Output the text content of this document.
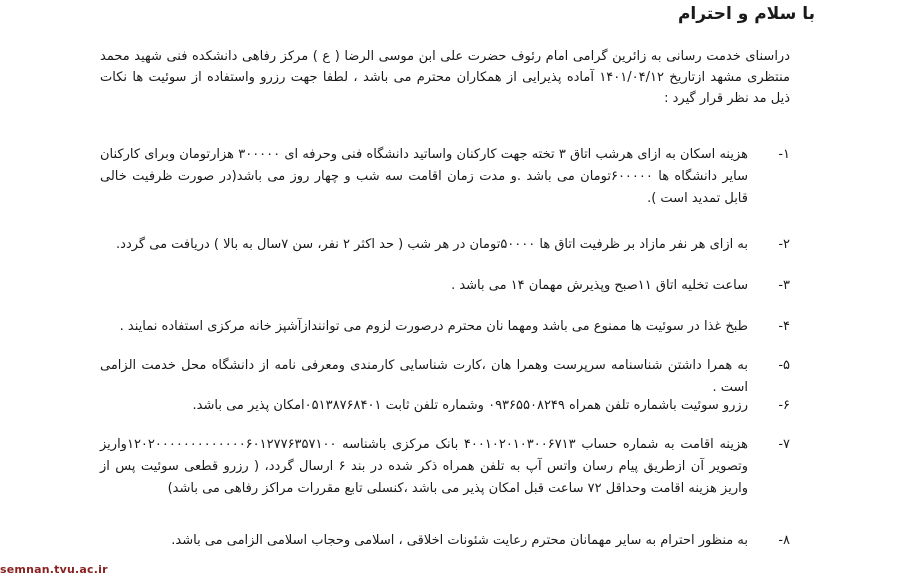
با سلام و احترام

دراسنای خدمت رسانی به زائرین گرامی امام رئوف حضرت علی ابن موسی الرضا ( ع ) مرکز رفاهی دانشکده فنی شهید محمد منتظری مشهد ازتاریخ ۱۴۰۱/۰۴/۱۲ آماده پذیرایی از همکاران محترم می باشد ، لطفا جهت رزرو واستفاده از سوئیت ها نکات ذیل مد نظر قرار گیرد :

۱-
هزینه اسکان به ازای هرشب اتاق ۳ تخته جهت کارکنان واساتید دانشگاه فنی وحرفه ای ۳۰۰۰۰۰ هزارتومان وبرای کارکنان سایر دانشگاه ها ۶۰۰۰۰۰تومان می باشد .و مدت زمان اقامت سه شب و چهار روز می باشد(در صورت ظرفیت خالی قابل تمدید است ).
۲-
به ازای هر نفر مازاد بر ظرفیت اتاق ها ۵۰۰۰۰تومان در هر شب ( حد اکثر ۲ نفر، سن ۷سال به بالا ) دریافت می گردد.
۳-
ساعت تخلیه اتاق ۱۱صبح وپذیرش مهمان ۱۴ می باشد .
۴-
طبخ غذا در سوئیت ها ممنوع می باشد ومهما نان محترم درصورت لزوم می توانندازآشپز خانه مرکزی استفاده نمایند .
۵-
به همرا داشتن شناسنامه سرپرست وهمرا هان ،کارت شناسایی کارمندی ومعرفی نامه از دانشگاه محل خدمت الزامی است .
۶-
رزرو سوئیت باشماره تلفن همراه ۰۹۳۶۵۵۰۸۲۴۹ وشماره تلفن ثابت ۰۵۱۳۸۷۶۸۴۰۱امکان پذیر می باشد.
۷-
هزینه اقامت به شماره حساب ۴۰۰۱۰۲۰۱۰۳۰۰۶۷۱۳ بانک مرکزی باشناسه ۱۲۰۲۰۰۰۰۰۰۰۰۰۰۰۰۰۶۰۱۲۷۷۶۳۵۷۱۰۰واریز وتصویر آن ازطریق پیام رسان واتس آپ به تلفن همراه ذکر شده در بند ۶ ارسال گردد، ( رزرو قطعی سوئیت پس از واریز هزینه اقامت وحداقل ۷۲ ساعت قبل امکان پذیر می باشد ،کنسلی تابع مقررات مراکز رفاهی می باشد)
۸-
به منظور احترام به سایر مهمانان محترم رعایت شئونات اخلاقی ، اسلامی وحجاب اسلامی الزامی می باشد.
semnan.tvu.ac.ir
